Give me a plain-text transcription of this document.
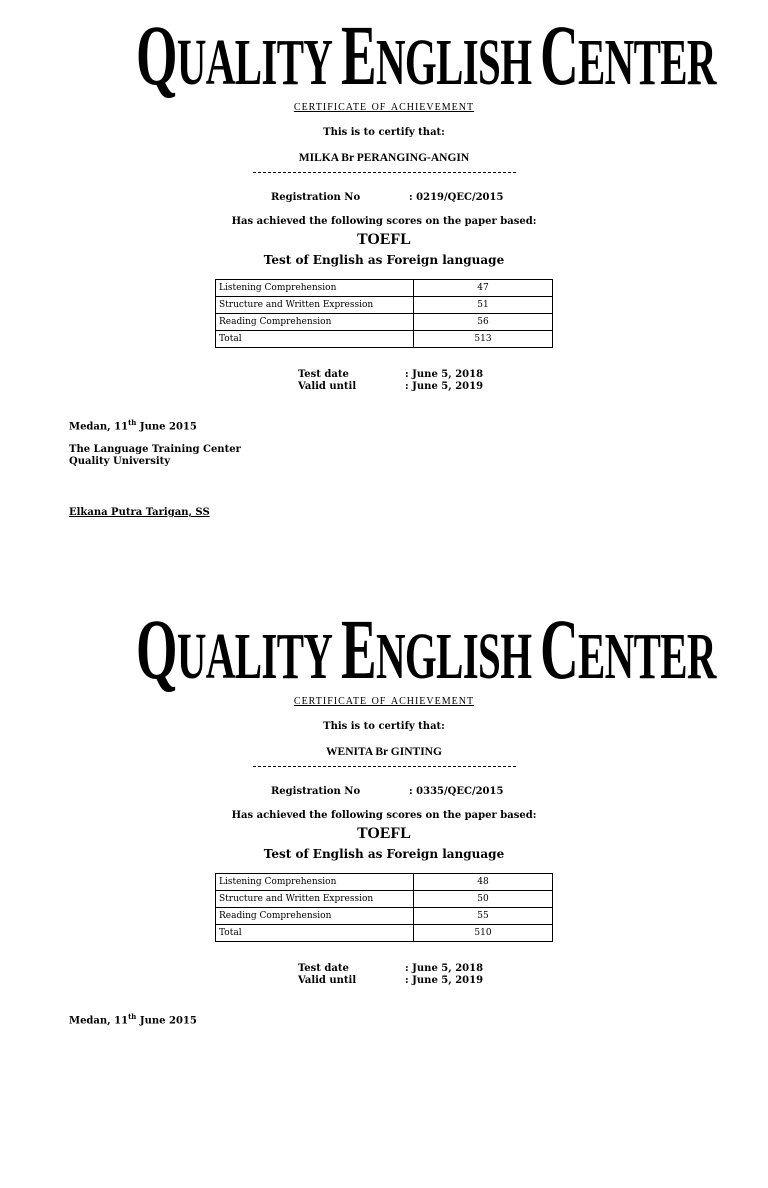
QUALITY ENGLISH CENTER
certificate of achievement
This is to certify that:
MILKA Br PERANGING-ANGIN
Registration No	: 0219/QEC/2015
Has achieved the following scores on the paper based:
TOEFL
Test of English as Foreign language
Listening Comprehension	47
Structure and Written Expression	51
Reading Comprehension	56
Total	513
Test date	: June 5, 2018
Valid until	: June 5, 2019
Medan, 11th June 2015
The Language Training Center
Quality University
Elkana Putra Tarigan, SS
QUALITY ENGLISH CENTER
certificate of achievement
This is to certify that:
WENITA Br GINTING
Registration No	: 0335/QEC/2015
Has achieved the following scores on the paper based:
TOEFL
Test of English as Foreign language
Listening Comprehension	48
Structure and Written Expression	50
Reading Comprehension	55
Total	510
Test date	: June 5, 2018
Valid until	: June 5, 2019
Medan, 11th June 2015
